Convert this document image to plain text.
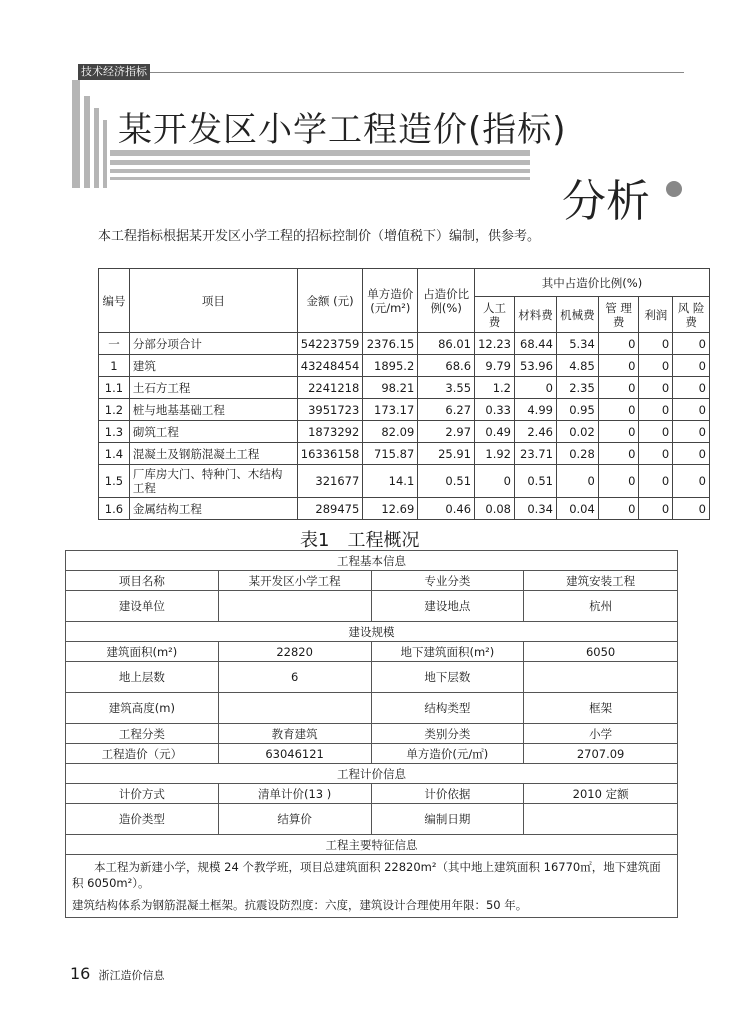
技术经济指标
某开发区小学工程造价(指标)
分析
本工程指标根据某开发区小学工程的招标控制价（增值税下）编制，供参考。
编号	项目	金额 (元)	单方造价(元/m²)	占造价比例(%)	其中占造价比例(%)					
					人工费	材料费	机械费	管 理 费	利润	风 险 费
一	分部分项合计	54223759	2376.15	86.01	12.23	68.44	5.34	0	0	0
1	建筑	43248454	1895.2	68.6	9.79	53.96	4.85	0	0	0
1.1	土石方工程	2241218	98.21	3.55	1.2	0	2.35	0	0	0
1.2	桩与地基基础工程	3951723	173.17	6.27	0.33	4.99	0.95	0	0	0
1.3	砌筑工程	1873292	82.09	2.97	0.49	2.46	0.02	0	0	0
1.4	混凝土及钢筋混凝土工程	16336158	715.87	25.91	1.92	23.71	0.28	0	0	0
1.5	厂库房大门、特种门、木结构工程	321677	14.1	0.51	0	0.51	0	0	0	0
1.6	金属结构工程	289475	12.69	0.46	0.08	0.34	0.04	0	0	0
表1　工程概况
工程基本信息			
项目名称	某开发区小学工程	专业分类	建筑安装工程
建设单位		建设地点	杭州
建设规模			
建筑面积(m²)	22820	地下建筑面积(m²)	6050
地上层数	6	地下层数	
建筑高度(m)		结构类型	框架
工程分类	教育建筑	类别分类	小学
工程造价（元）	63046121	单方造价(元/㎡)	2707.09
工程计价信息			
计价方式	清单计价(13 )	计价依据	2010 定额
造价类型	结算价	编制日期	
工程主要特征信息			

本工程为新建小学，规模 24 个教学班，项目总建筑面积 22820m²（其中地上建筑面积 16770㎡，地下建筑面积 6050m²）。

建筑结构体系为钢筋混凝土框架。抗震设防烈度：六度，建筑设计合理使用年限：50 年。			

16 浙江造价信息
